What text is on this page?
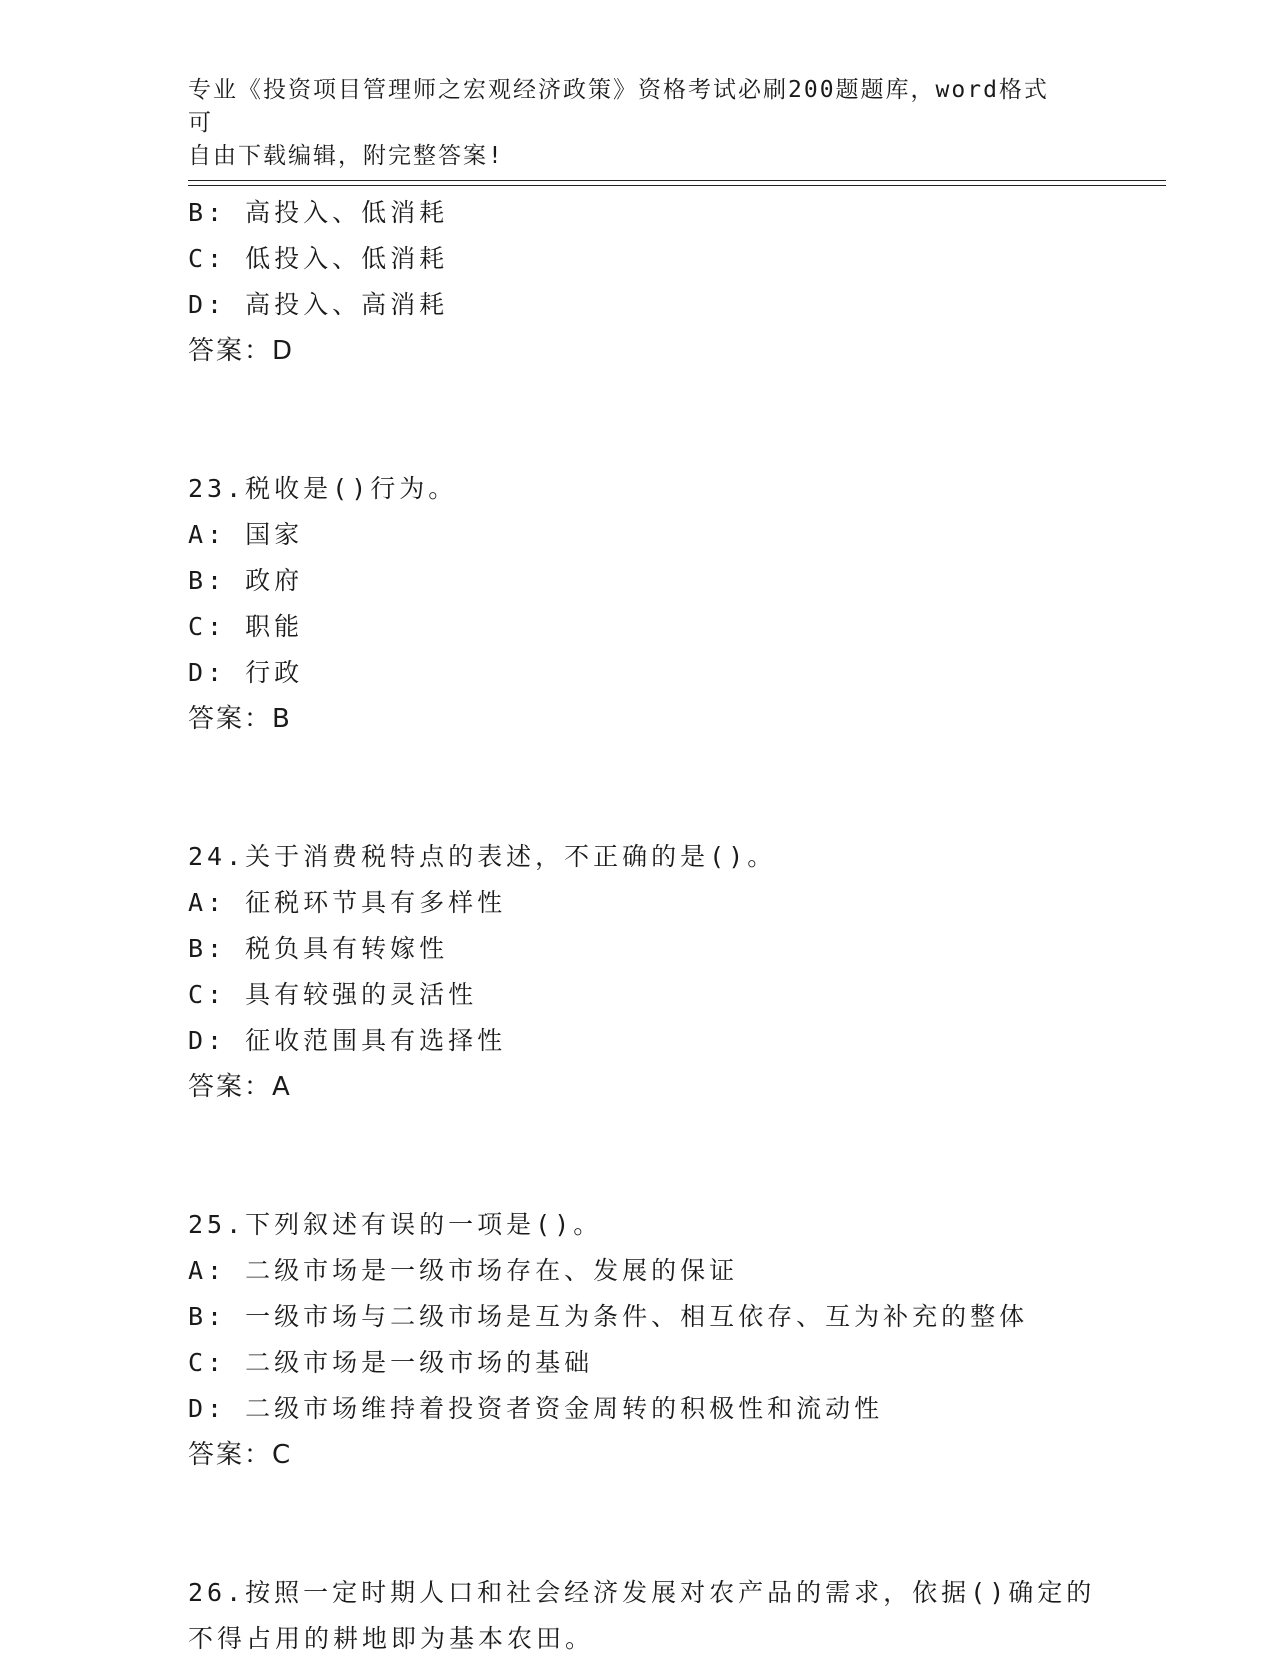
专业《投资项目管理师之宏观经济政策》资格考试必刷200题题库，word格式可
自由下载编辑，附完整答案!
B: 高投入、低消耗
C: 低投入、低消耗
D: 高投入、高消耗
答案：D
23.税收是()行为。
A: 国家
B: 政府
C: 职能
D: 行政
答案：B
24.关于消费税特点的表述，不正确的是()。
A: 征税环节具有多样性
B: 税负具有转嫁性
C: 具有较强的灵活性
D: 征收范围具有选择性
答案：A
25.下列叙述有误的一项是()。
A: 二级市场是一级市场存在、发展的保证
B: 一级市场与二级市场是互为条件、相互依存、互为补充的整体
C: 二级市场是一级市场的基础
D: 二级市场维持着投资者资金周转的积极性和流动性
答案：C
26.按照一定时期人口和社会经济发展对农产品的需求，依据()确定的
不得占用的耕地即为基本农田。
